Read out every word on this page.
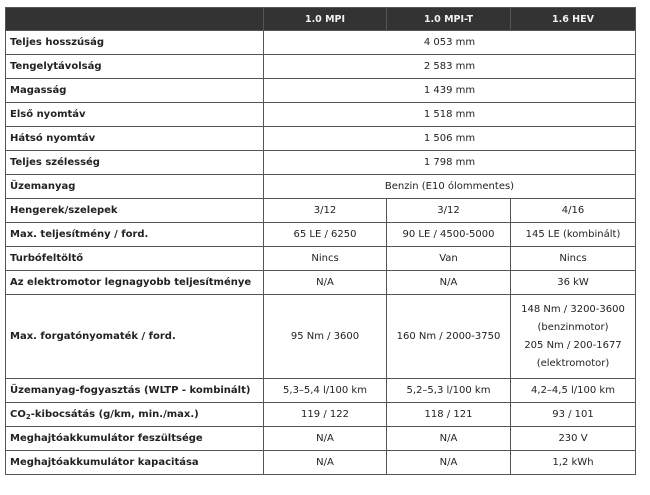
	1.0 MPI	1.0 MPI-T	1.6 HEV
Teljes hosszúság	4 053 mm		
Tengelytávolság	2 583 mm		
Magasság	1 439 mm		
Első nyomtáv	1 518 mm		
Hátsó nyomtáv	1 506 mm		
Teljes szélesség	1 798 mm		
Üzemanyag	Benzin (E10 ólommentes)		
Hengerek/szelepek	3/12	3/12	4/16
Max. teljesítmény / ford.	65 LE / 6250	90 LE / 4500-5000	145 LE (kombinált)
Turbófeltöltő	Nincs	Van	Nincs
Az elektromotor legnagyobb teljesítménye	N/A	N/A	36 kW
Max. forgatónyomaték / ford.	95 Nm / 3600	160 Nm / 2000-3750	148 Nm / 3200-3600
(benzinmotor)
205 Nm / 200-1677
(elektromotor)

Üzemanyag-fogyasztás (WLTP - kombinált)	5,3–5,4 l/100 km	5,2–5,3 l/100 km	4,2–4,5 l/100 km
$CO_2$-kibocsátás (g/km, min./max.)	119 / 122	118 / 121	93 / 101
Meghajtóakkumulátor feszültsége	N/A	N/A	230 V
Meghajtóakkumulátor kapacitása	N/A	N/A	1,2 kWh
